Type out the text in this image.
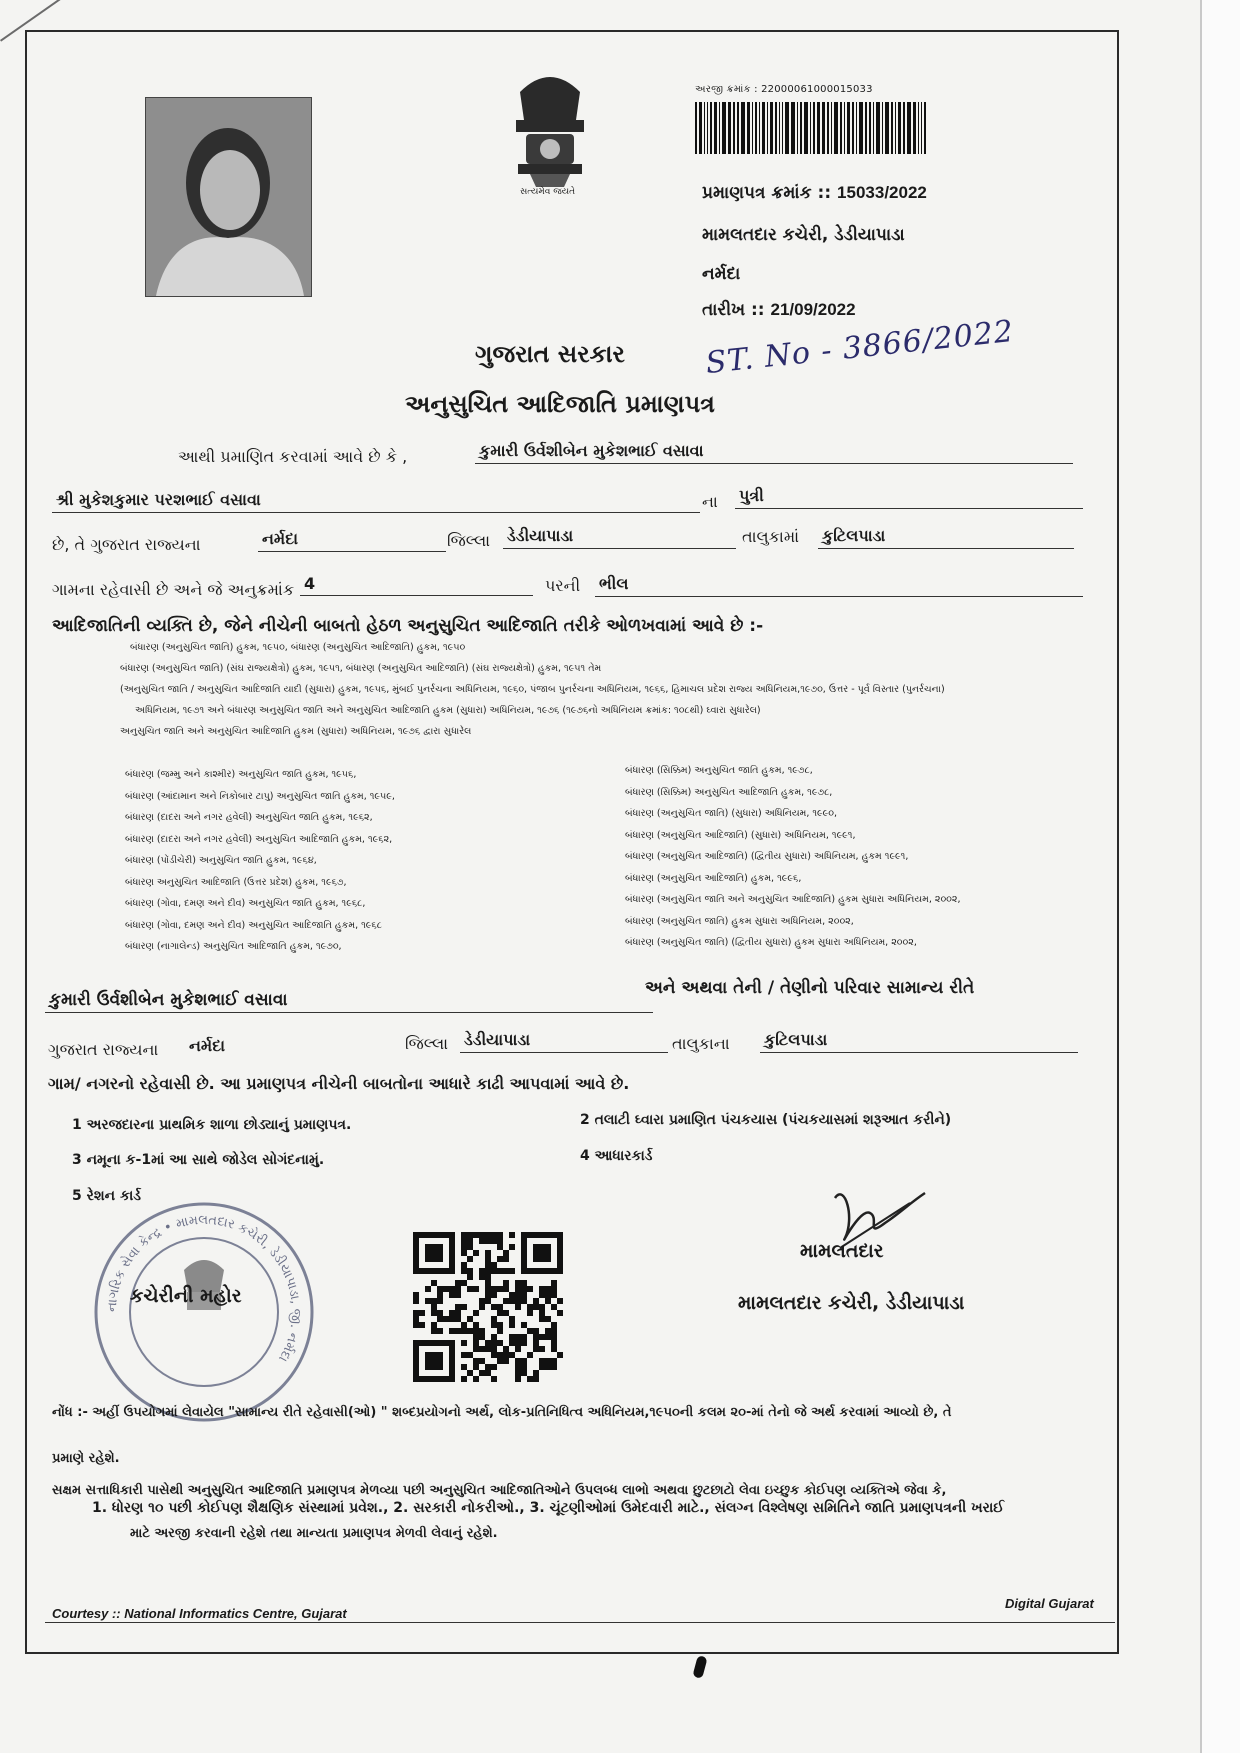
સત્યમેવ જયતે
અરજી ક્રમાંક : 22000061000015033
પ્રમાણપત્ર ક્રમાંક :: 15033/2022
મામલતદાર કચેરી, ડેડીયાપાડા
નર્મદા
તારીખ :: 21/09/2022
ST. No - 3866/2022
ગુજરાત સરકાર
અનુસુચિત આદિજાતિ પ્રમાણપત્ર
આથી પ્રમાણિત કરવામાં આવે છે કે ,	કુમારી ઉર્વશીબેન મુકેશભાઈ વસાવા
શ્રી મુકેશકુમાર પરશભાઈ વસાવા	ના પુત્રી
છે, તે ગુજરાત રાજ્યના	નર્મદા	જિલ્લા ડેડીયાપાડા	તાલુકામાં કુટિલપાડા
ગામના રહેવાસી છે અને જે અનુક્રમાંક 4	પરની ભીલ
આદિજાતિની વ્યક્તિ છે, જેને નીચેની બાબતો હેઠળ અનુસુચિત આદિજાતિ તરીકે ઓળખવામાં આવે છે :-
બંધારણ (અનુસુચિત જાતિ) હુકમ, ૧૯૫૦, બંધારણ (અનુસુચિત આદિજાતિ) હુકમ, ૧૯૫૦
બંધારણ (અનુસુચિત જાતિ) (સંઘ રાજ્યક્ષેત્રો) હુકમ, ૧૯૫૧, બંધારણ (અનુસુચિત આદિજાતિ) (સંઘ રાજ્યક્ષેત્રો) હુકમ, ૧૯૫૧ તેમ
(અનુસુચિત જાતિ / અનુસુચિત આદિજાતિ યાદી (સુધારા) હુકમ, ૧૯૫૬, મુંબઈ પુનર્રચના અધિનિયમ, ૧૯૬૦, પંજાબ પુનર્રચના અધિનિયમ, ૧૯૬૬, હિમાચલ પ્રદેશ રાજ્ય અધિનિયમ,૧૯૭૦, ઉત્તર - પૂર્વ વિસ્તાર (પુનર્રચના)
અધિનિયમ, ૧૯૭૧ અને બંધારણ અનુસુચિત જાતિ અને અનુસુચિત આદિજાતિ હુકમ (સુધારા) અધિનિયમ, ૧૯૭૬ (૧૯૭૬નો અધિનિયમ ક્રમાંક: ૧૦૮થી) ઘ્વારા સુધારેલ)
અનુસુચિત જાતિ અને અનુસુચિત આદિજાતિ હુકમ (સુધારા) અધિનિયમ, ૧૯૭૬ દ્વારા સુધારેલ
બંધારણ (જમ્મુ અને કાશ્મીર) અનુસુચિત જાતિ હુકમ, ૧૯૫૬,
બંધારણ (આંદામાન અને નિકોબાર ટાપુ) અનુસુચિત જાતિ હુકમ, ૧૯૫૯,
બંધારણ (દાદરા અને નગર હવેલી) અનુસુચિત જાતિ હુકમ, ૧૯૬૨,
બંધારણ (દાદરા અને નગર હવેલી) અનુસુચિત આદિજાતિ હુકમ, ૧૯૬૨,
બંધારણ (પોંડીચેરી) અનુસુચિત જાતિ હુકમ, ૧૯૬૪,
બંધારણ અનુસુચિત આદિજાતિ (ઉત્તર પ્રદેશ) હુકમ, ૧૯૬૭,
બંધારણ (ગોવા, દમણ અને દીવ) અનુસુચિત જાતિ હુકમ, ૧૯૬૮,
બંધારણ (ગોવા, દમણ અને દીવ) અનુસુચિત આદિજાતિ હુકમ, ૧૯૬૮
બંધારણ (નાગાલેન્ડ) અનુસુચિત આદિજાતિ હુકમ, ૧૯૭૦,
બંધારણ (સિક્કિમ) અનુસુચિત જાતિ હુકમ, ૧૯૭૮,
બંધારણ (સિક્કિમ) અનુસુચિત આદિજાતિ હુકમ, ૧૯૭૮,
બંધારણ (અનુસુચિત જાતિ) (સુધારા) અધિનિયમ, ૧૯૯૦,
બંધારણ (અનુસુચિત આદિજાતિ) (સુધારા) અધિનિયમ, ૧૯૯૧,
બંધારણ (અનુસુચિત આદિજાતિ) (દ્વિતીય સુધારા) અધિનિયમ, હુકમ ૧૯૯૧,
બંધારણ (અનુસુચિત આદિજાતિ) હુકમ, ૧૯૯૬,
બંધારણ (અનુસુચિત જાતિ અને અનુસુચિત આદિજાતિ) હુકમ સુધારા અધિનિયમ, ૨૦૦૨,
બંધારણ (અનુસુચિત જાતિ) હુકમ સુધારા અધિનિયમ, ૨૦૦૨,
બંધારણ (અનુસુચિત જાતિ) (દ્વિતીય સુધારા) હુકમ સુધારા અધિનિયમ, ૨૦૦૨,
અને અથવા તેની / તેણીનો પરિવાર સામાન્ય રીતે
કુમારી ઉર્વશીબેન મુકેશભાઈ વસાવા
ગુજરાત રાજ્યના નર્મદા	જિલ્લા ડેડીયાપાડા	તાલુકાના કુટિલપાડા
ગામ/ નગરનો રહેવાસી છે. આ પ્રમાણપત્ર નીચેની બાબતોના આધારે કાઢી આપવામાં આવે છે.
1 અરજદારના પ્રાથમિક શાળા છોડ્યાનું પ્રમાણપત્ર.	2 તલાટી ઘ્વારા પ્રમાણિત પંચકયાસ (પંચકયાસમાં શરૂઆત કરીને)
3 નમૂના ક-1માં આ સાથે જોડેલ સોગંદનામું.	4 આધારકાર્ડ
5 રેશન કાર્ડ
નાગરિક સેવા કેન્દ્ર • મામલતદાર કચેરી, ડેડીયાપાડા, જી. નર્મદા
કચેરીની મહોર
મામલતદાર
મામલતદાર કચેરી, ડેડીયાપાડા
નોંધ :- અહીં ઉપયોગમાં લેવાયેલ "સામાન્ય રીતે રહેવાસી(ઓ) " શબ્દપ્રયોગનો અર્થ, લોક-પ્રતિનિધિત્વ અધિનિયમ,૧૯૫૦ની કલમ ૨૦-માં તેનો જે અર્થ કરવામાં આવ્યો છે, તે
પ્રમાણે રહેશે.
સક્ષમ સત્તાધિકારી પાસેથી અનુસુચિત આદિજાતિ પ્રમાણપત્ર મેળવ્યા પછી અનુસુચિત આદિજાતિઓને ઉપલબ્ધ લાભો અથવા છુટછાટો લેવા ઇચ્છુક કોઈપણ વ્યક્તિએ જેવા કે,
1. ધોરણ ૧૦ પછી કોઈપણ શૈક્ષણિક સંસ્થામાં પ્રવેશ., 2. સરકારી નોકરીઓ., 3. ચૂંટણીઓમાં ઉમેદવારી માટે., સંલગ્ન વિશ્લેષણ સમિતિને જાતિ પ્રમાણપત્રની ખરાઈ
માટે અરજી કરવાની રહેશે તથા માન્યતા પ્રમાણપત્ર મેળવી લેવાનું રહેશે.
Courtesy :: National Informatics Centre, Gujarat
Digital Gujarat
